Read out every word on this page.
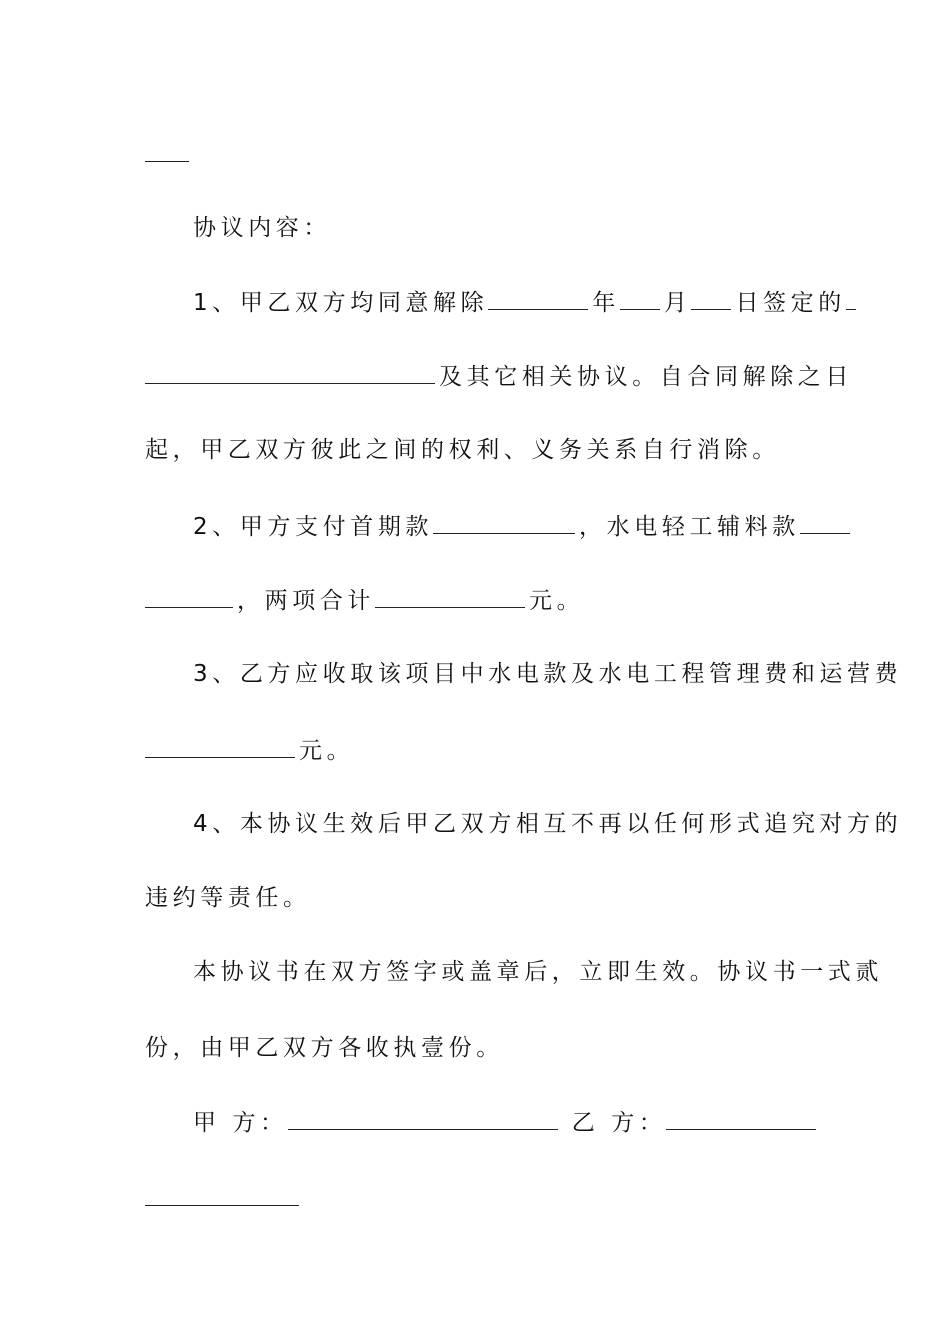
协议内容：
1、甲乙双方均同意解除	年 月 日签定的
及其它相关协议。自合同解除之日
起，甲乙双方彼此之间的权利、义务关系自行消除。
2、甲方支付首期款	，水电轻工辅料款
，两项合计	元。
3、乙方应收取该项目中水电款及水电工程管理费和运营费
元。
4、本协议生效后甲乙双方相互不再以任何形式追究对方的
违约等责任。
本协议书在双方签字或盖章后，立即生效。协议书一式贰
份，由甲乙双方各收执壹份。
甲 方：	乙 方：
